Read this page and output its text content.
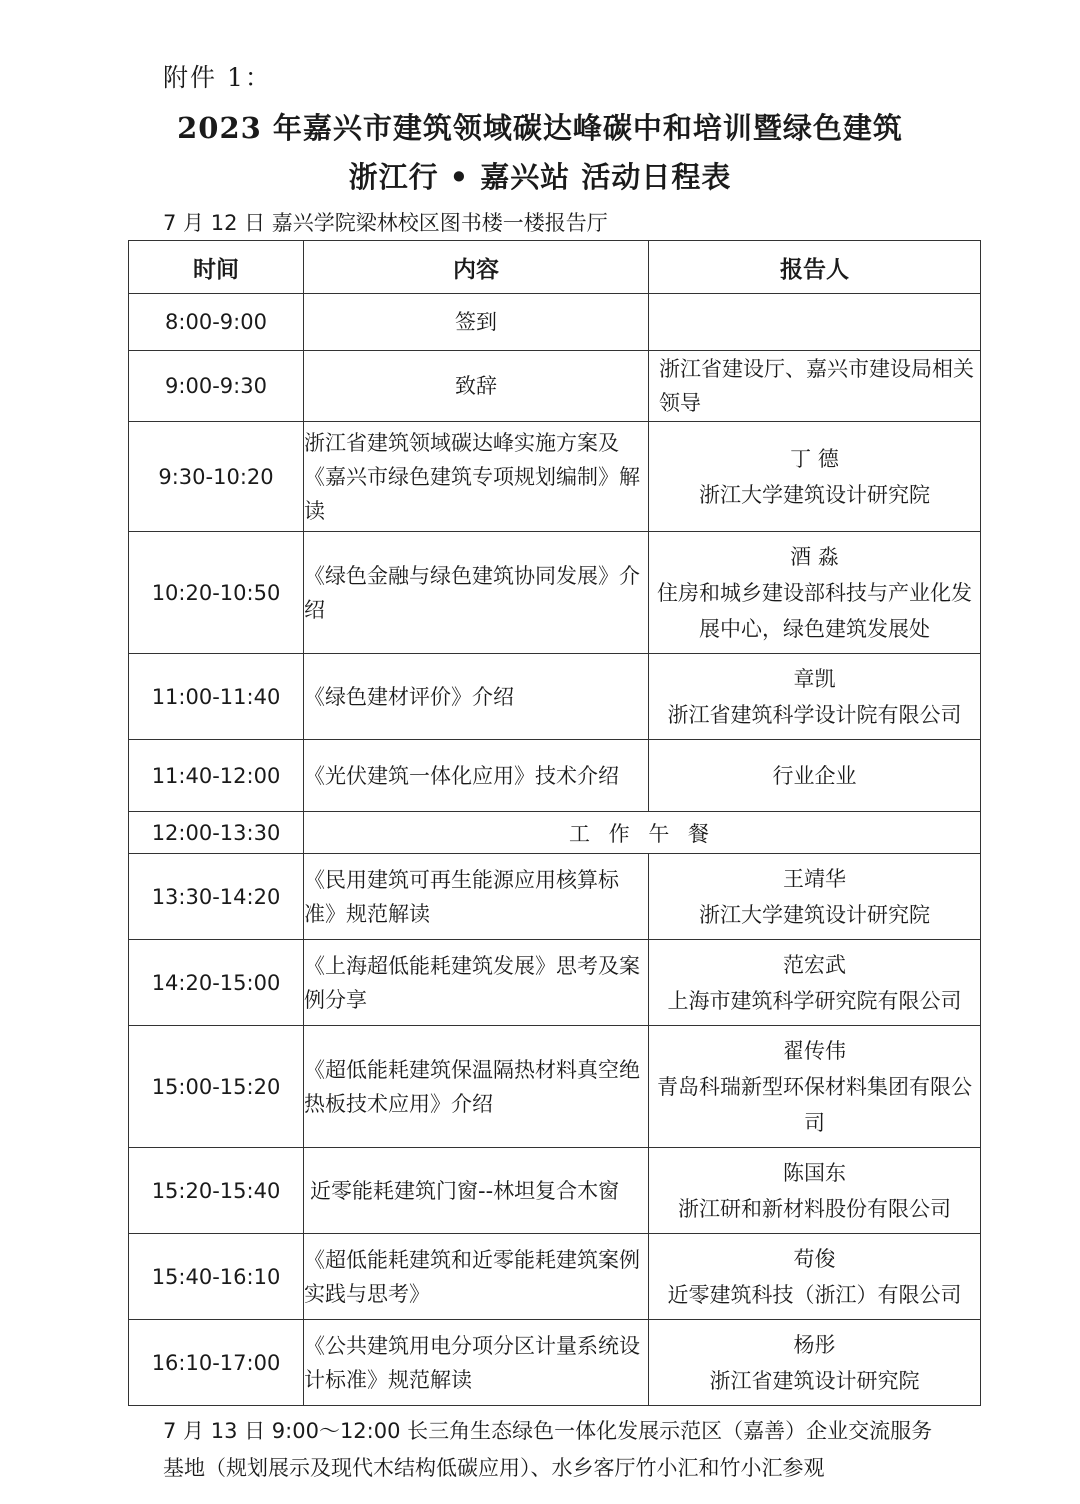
附件 1：
2023 年嘉兴市建筑领域碳达峰碳中和培训暨绿色建筑
浙江行 • 嘉兴站 活动日程表
7 月 12 日 嘉兴学院梁林校区图书楼一楼报告厅
时间	内容	报告人
8:00-9:00	签到	
9:00-9:30	致辞	浙江省建设厅、嘉兴市建设局相关领导

9:30-10:20	浙江省建筑领域碳达峰实施方案及《嘉兴市绿色建筑专项规划编制》解读	丁 德
浙江大学建筑设计研究院

10:20-10:50	《绿色金融与绿色建筑协同发展》介绍	酒 淼
住房和城乡建设部科技与产业化发展中心，绿色建筑发展处

11:00-11:40	《绿色建材评价》介绍	章凯
浙江省建筑科学设计院有限公司

11:40-12:00	《光伏建筑一体化应用》技术介绍	行业企业

12:00-13:30	工 作 午 餐	
13:30-14:20	《民用建筑可再生能源应用核算标准》规范解读	王靖华
浙江大学建筑设计研究院

14:20-15:00	《上海超低能耗建筑发展》思考及案例分享	范宏武
上海市建筑科学研究院有限公司

15:00-15:20	《超低能耗建筑保温隔热材料真空绝热板技术应用》介绍	翟传伟
青岛科瑞新型环保材料集团有限公司

15:20-15:40	近零能耗建筑门窗--林坦复合木窗	陈国东
浙江研和新材料股份有限公司

15:40-16:10	《超低能耗建筑和近零能耗建筑案例实践与思考》	苟俊
近零建筑科技（浙江）有限公司

16:10-17:00	《公共建筑用电分项分区计量系统设计标准》规范解读	杨彤
浙江省建筑设计研究院
7 月 13 日 9:00～12:00 长三角生态绿色一体化发展示范区（嘉善）企业交流服务基地（规划展示及现代木结构低碳应用）、水乡客厅竹小汇和竹小汇参观
